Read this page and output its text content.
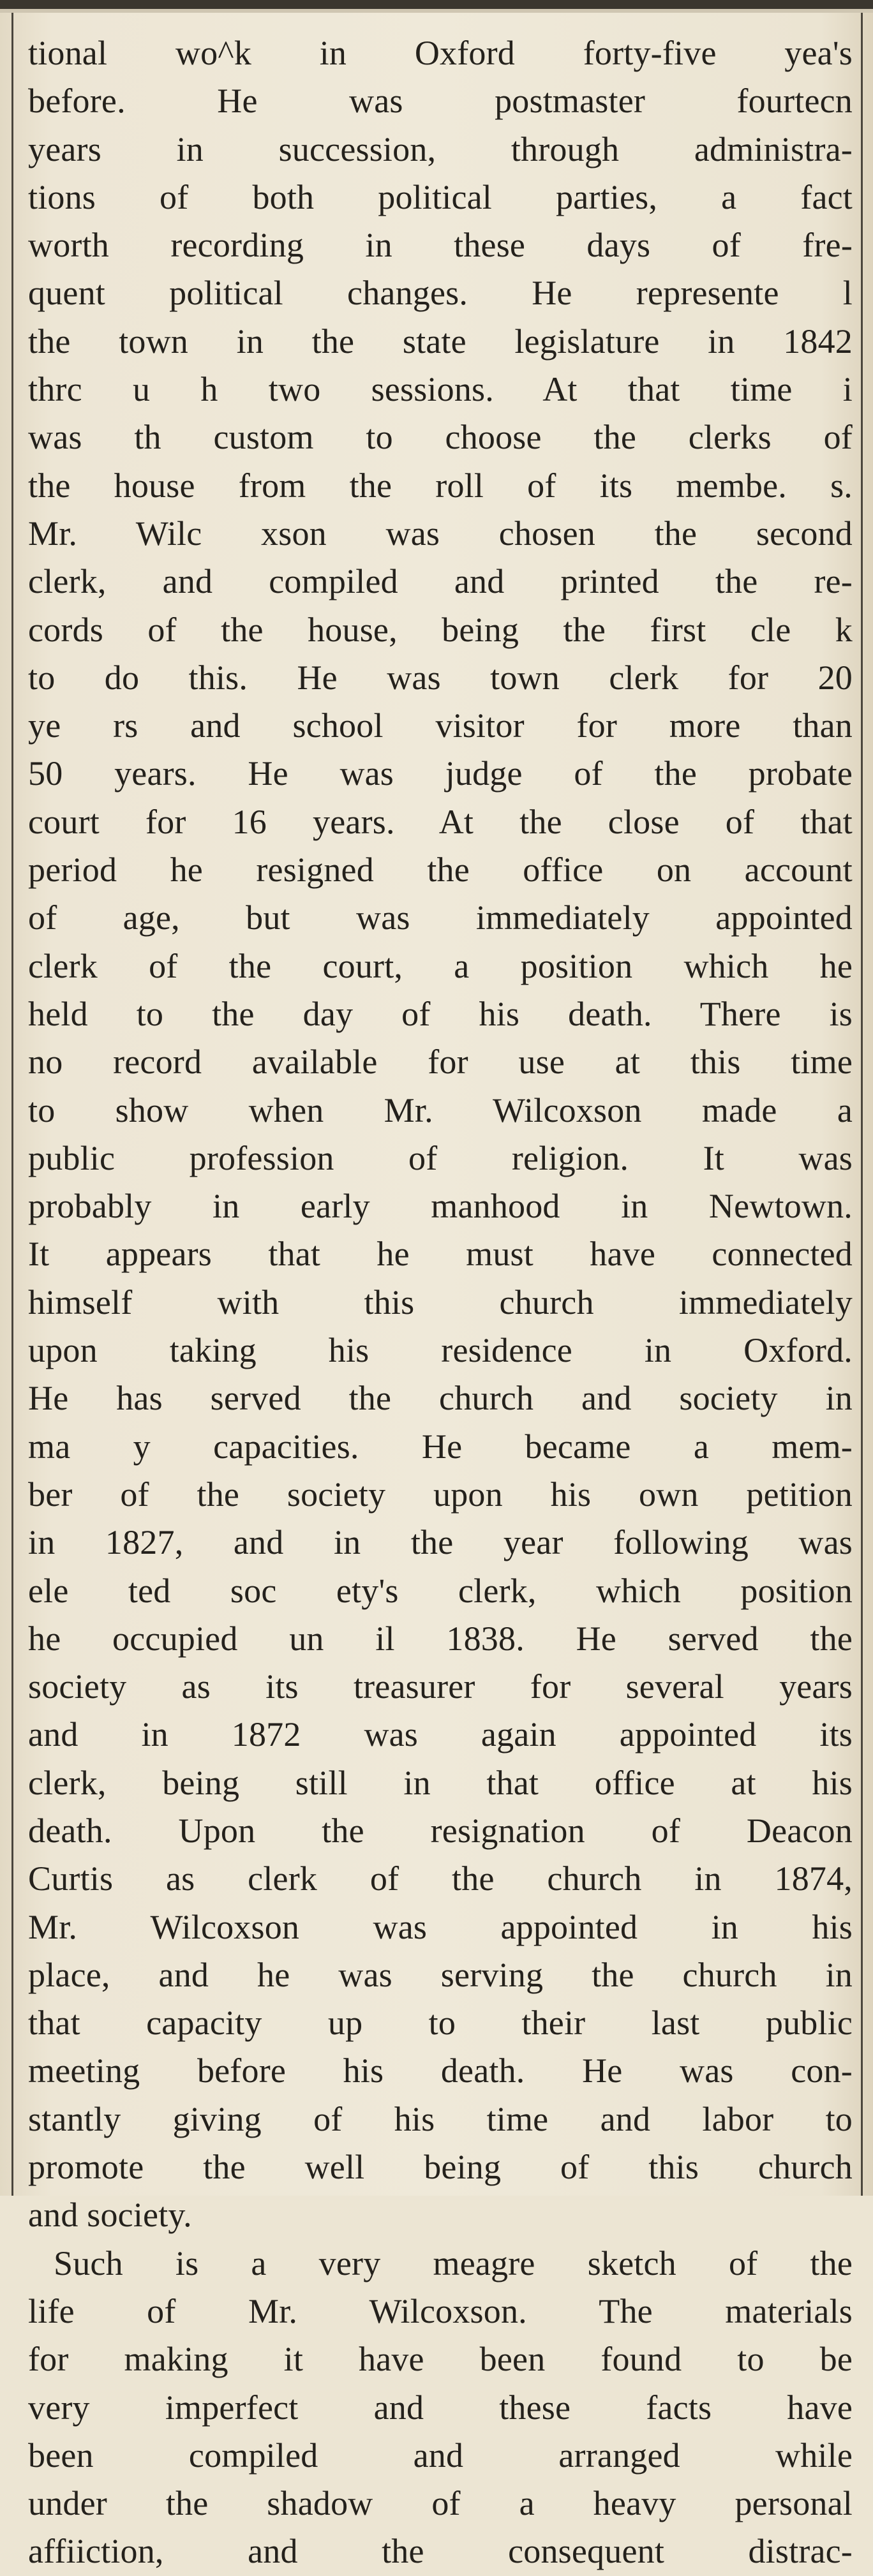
tional wo^k in Oxford forty-five yea's
before. He was postmaster fourtecn
years in succession, through administra-
tions of both political parties, a fact
worth recording in these days of fre-
quent political changes. He represente l
the town in the state legislature in 1842
thrc u h two sessions. At that time i
was th custom to choose the clerks of
the house from the roll of its membe. s.
Mr. Wilc xson was chosen the second
clerk, and compiled and printed the re-
cords of the house, being the first cle k
to do this. He was town clerk for 20
ye rs and school visitor for more than
50 years. He was judge of the probate
court for 16 years. At the close of that
period he resigned the office on account
of age, but was immediately appointed
clerk of the court, a position which he
held to the day of his death. There is
no record available for use at this time
to show when Mr. Wilcoxson made a
public profession of religion. It was
probably in early manhood in Newtown.
It appears that he must have connected
himself with this church immediately
upon taking his residence in Oxford.
He has served the church and society in
ma y capacities. He became a mem-
ber of the society upon his own petition
in 1827, and in the year following was
ele ted soc ety's clerk, which position
he occupied un il 1838. He served the
society as its treasurer for several years
and in 1872 was again appointed its
clerk, being still in that office at his
death. Upon the resignation of Deacon
Curtis as clerk of the church in 1874,
Mr. Wilcoxson was appointed in his
place, and he was serving the church in
that capacity up to their last public
meeting before his death. He was con-
stantly giving of his time and labor to
promote the well being of this church
and society.
Such is a very meagre sketch of the
life of Mr. Wilcoxson. The materials
for making it have been found to be
very imperfect and these facts have
been compiled and arranged while
under the shadow of a heavy personal
affiiction, and the consequent distrac-
